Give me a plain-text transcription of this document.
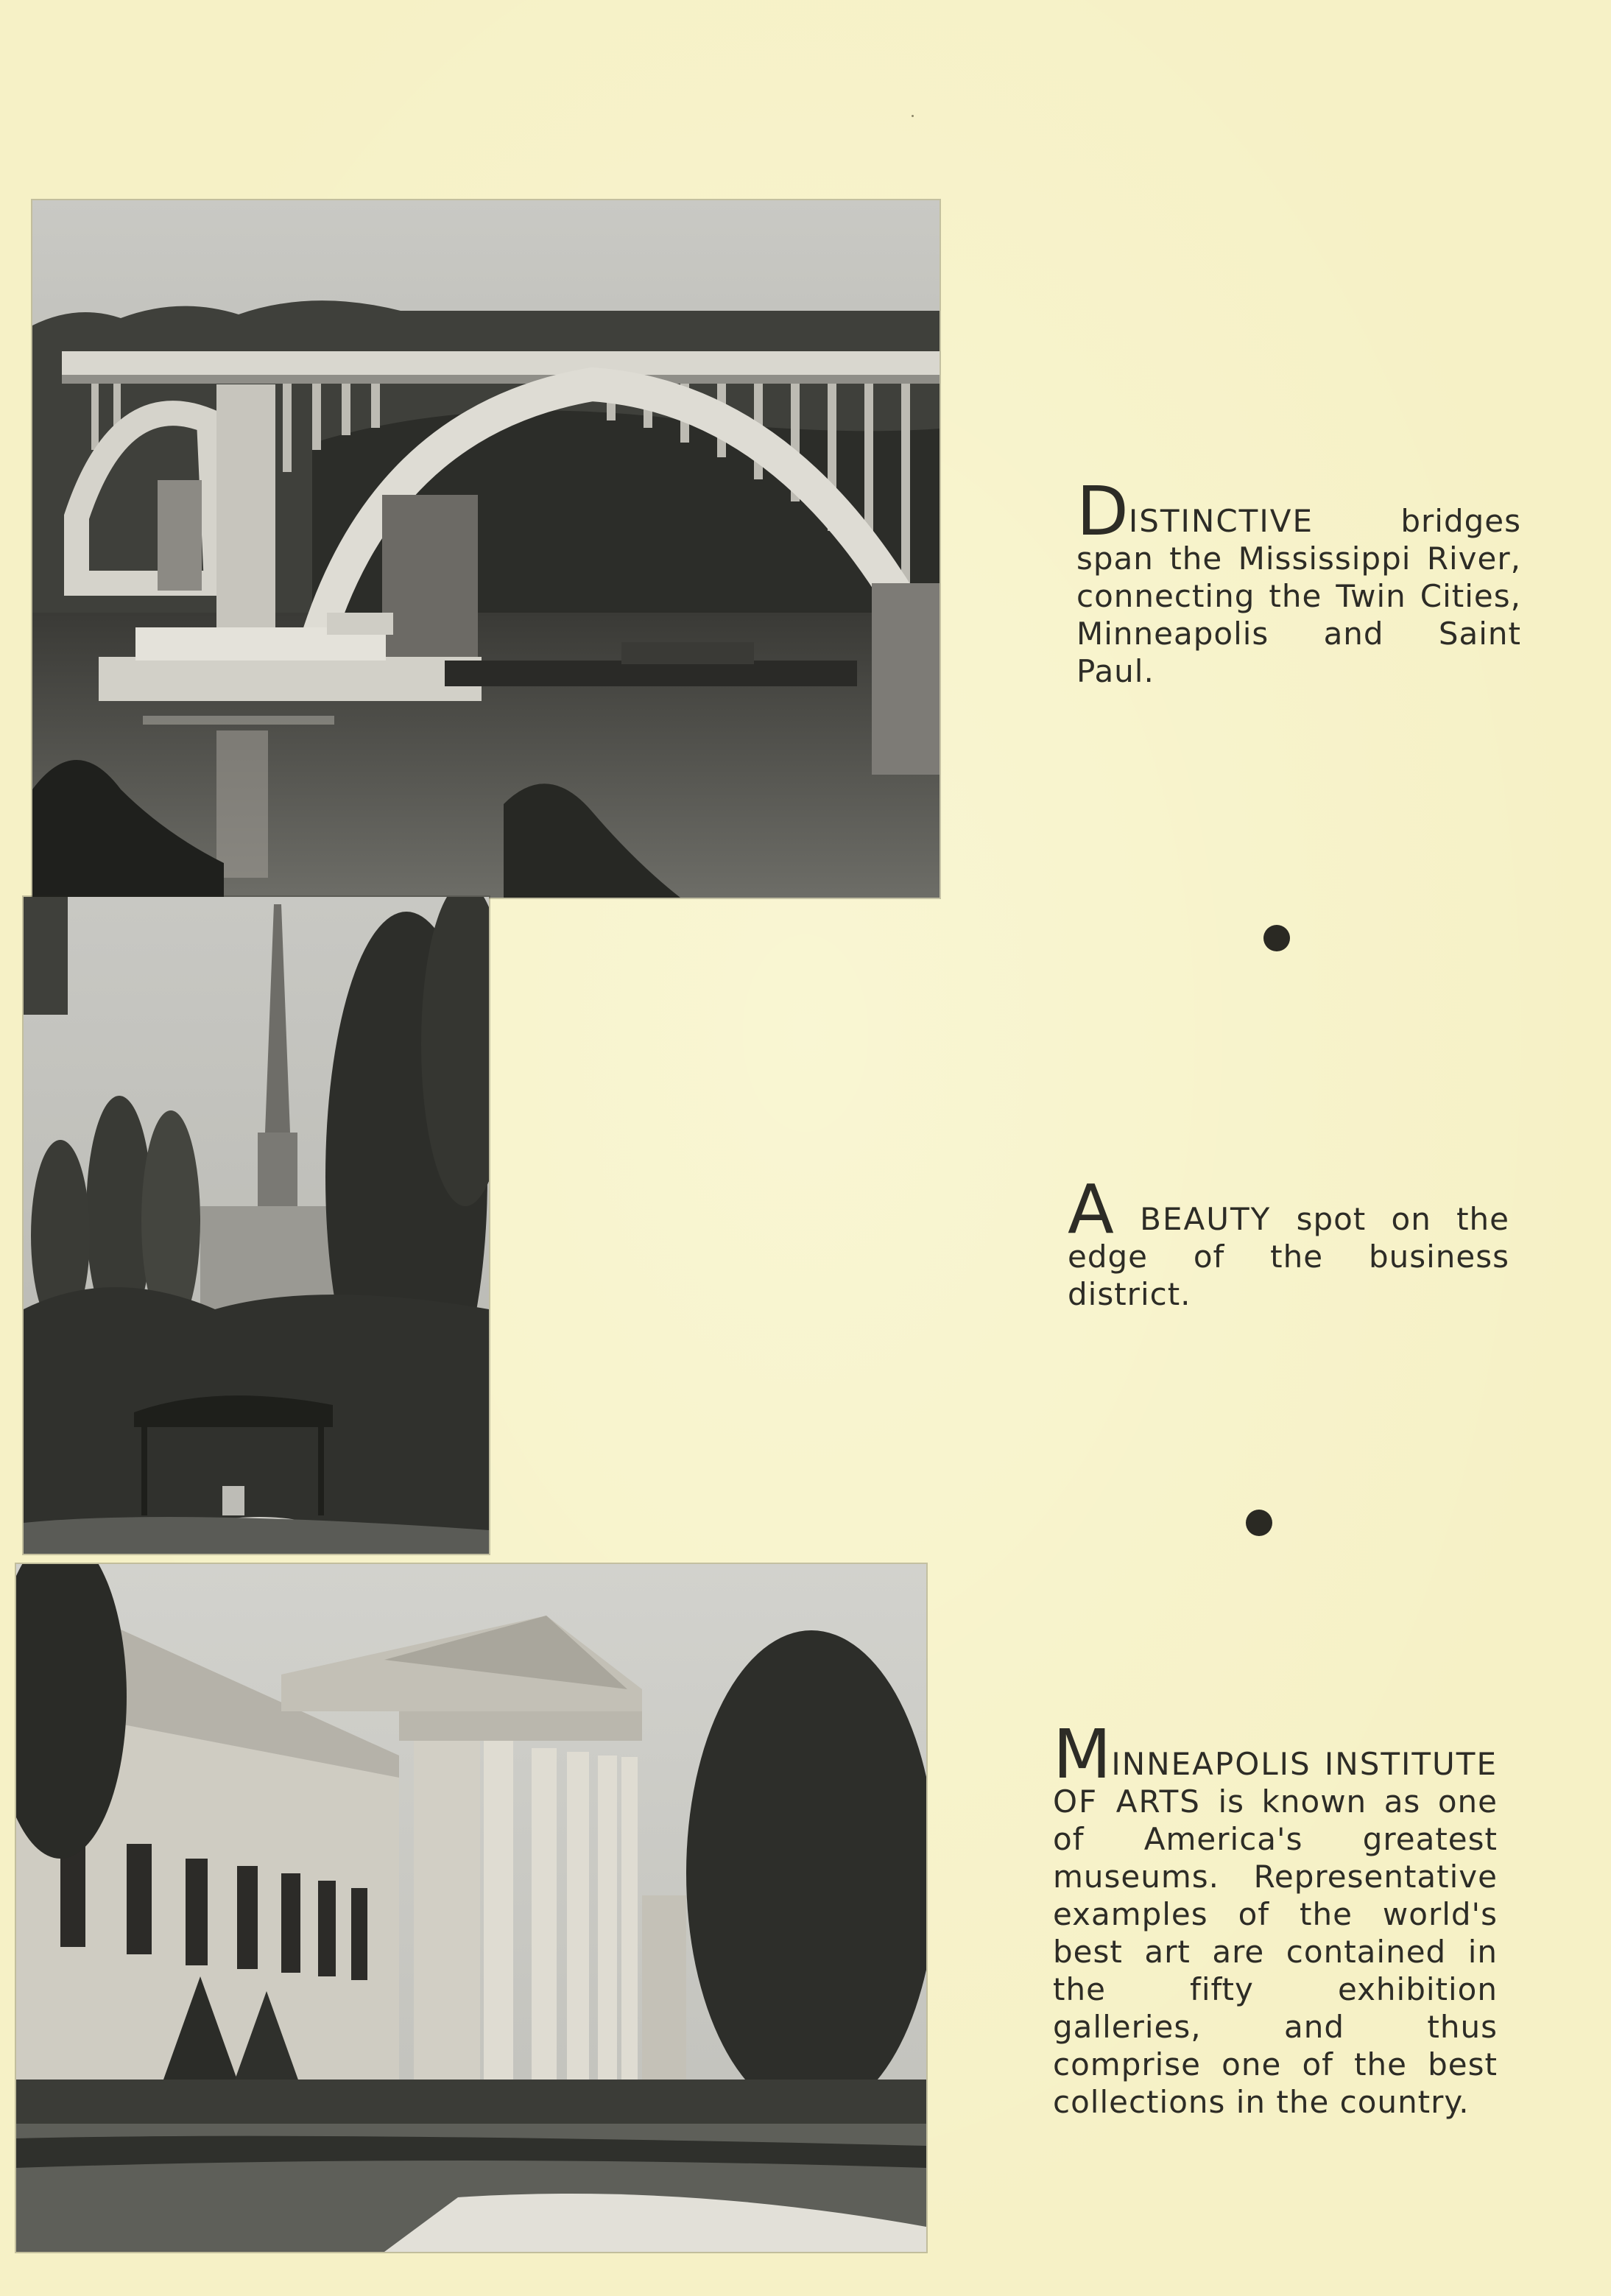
DISTINCTIVE bridges span the Mississippi River, connecting the Twin Cities, Minneapolis and Saint Paul.
A BEAUTY spot on the edge of the business district.
MINNEAPOLIS INSTITUTE OF ARTS is known as one of America's greatest museums. Representative examples of the world's best art are contained in the fifty exhibition galleries, and thus comprise one of the best collections in the country.
